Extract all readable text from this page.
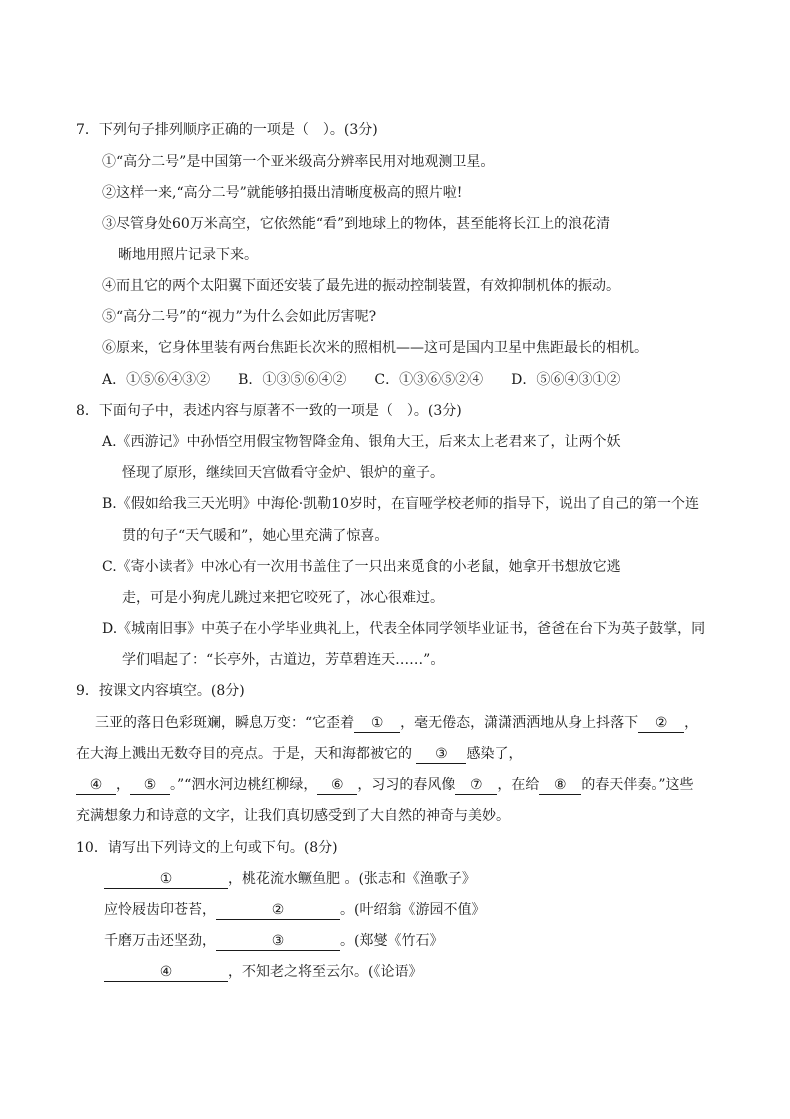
7．下列句子排列顺序正确的一项是（　）。(3分)
①“高分二号”是中国第一个亚米级高分辨率民用对地观测卫星。
②这样一来,“高分二号”就能够拍摄出清晰度极高的照片啦!
③尽管身处60万米高空，它依然能“看”到地球上的物体，甚至能将长江上的浪花清
晰地用照片记录下来。
④而且它的两个太阳翼下面还安装了最先进的振动控制装置，有效抑制机体的振动。
⑤“高分二号”的“视力”为什么会如此厉害呢?
⑥原来，它身体里装有两台焦距长次米的照相机——这可是国内卫星中焦距最长的相机。
A．①⑤⑥④③②　　B．①③⑤⑥④②　　C．①③⑥⑤②④　　D．⑤⑥④③①②
8．下面句子中，表述内容与原著不一致的一项是（　）。(3分)
A.《西游记》中孙悟空用假宝物智降金角、银角大王，后来太上老君来了，让两个妖
怪现了原形，继续回天宫做看守金炉、银炉的童子。
B.《假如给我三天光明》中海伦·凯勒10岁时，在盲哑学校老师的指导下，说出了自己的第一个连
贯的句子“天气暖和”，她心里充满了惊喜。
C.《寄小读者》中冰心有一次用书盖住了一只出来觅食的小老鼠，她拿开书想放它逃
走，可是小狗虎儿跳过来把它咬死了，冰心很难过。
D.《城南旧事》中英子在小学毕业典礼上，代表全体同学领毕业证书，爸爸在台下为英子鼓掌，同
学们唱起了：“长亭外，古道边，芳草碧连天……”。
9．按课文内容填空。(8分)
三亚的落日色彩斑斓，瞬息万变：“它歪着 ① ，毫无倦态，潇潇洒洒地从身上抖落下 ② ，
在大海上溅出无数夺目的亮点。于是，天和海都被它的 ③ 感染了，
④ ， ⑤ 。”“泗水河边桃红柳绿， ⑥ ，习习的春风像 ⑦ ，在给 ⑧ 的春天伴奏。”这些
充满想象力和诗意的文字，让我们真切感受到了大自然的神奇与美妙。
10．请写出下列诗文的上句或下句。(8分)
①	，桃花流水鳜鱼肥 。(张志和《渔歌子》
应怜屐齿印苍苔，	②	。(叶绍翁《游园不值》
千磨万击还坚劲，	③	。(郑燮《竹石》
④	，不知老之将至云尔。(《论语》
